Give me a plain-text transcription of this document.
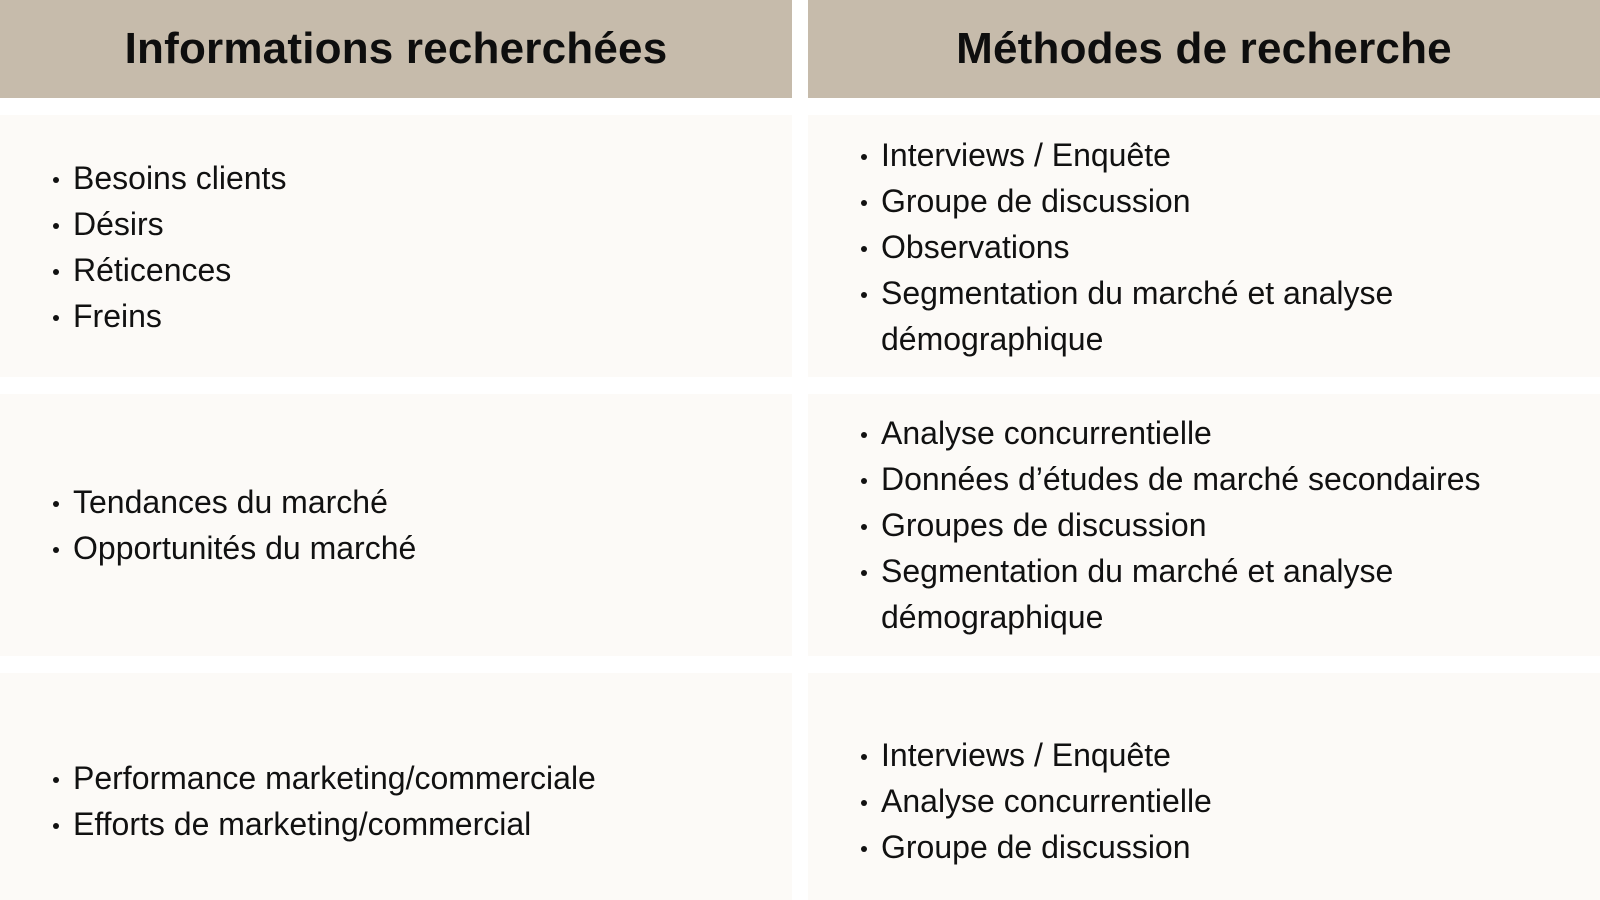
Informations recherchées	Méthodes de recherche
Besoins clients
Désirs
Réticences
Freins
Interviews / Enquête
Groupe de discussion
Observations
Segmentation du marché et analyse démographique
Tendances du marché
Opportunités du marché
Analyse concurrentielle
Données d’études de marché secondaires
Groupes de discussion
Segmentation du marché et analyse démographique
Performance marketing/commerciale
Efforts de marketing/commercial
Interviews / Enquête
Analyse concurrentielle
Groupe de discussion
